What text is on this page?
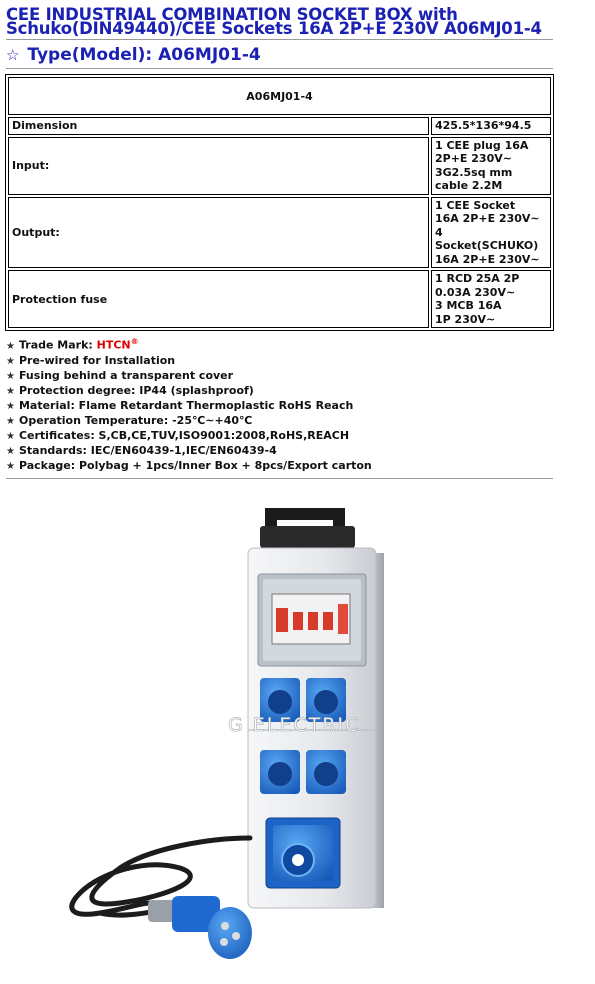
CEE INDUSTRIAL COMBINATION SOCKET BOX with Schuko(DIN49440)/CEE Sockets 16A 2P+E 230V A06MJ01-4
☆ Type(Model): A06MJ01-4
A06MJ01-4	
Dimension	425.5*136*94.5
Input:	1 CEE plug 16A
2P+E 230V~
3G2.5sq mm
cable 2.2M
Output:	1 CEE Socket
16A 2P+E 230V~
4
Socket(SCHUKO)
16A 2P+E 230V~
Protection fuse	1 RCD 25A 2P
0.03A 230V~
3 MCB 16A
1P 230V~
★ Trade Mark: HTCN®
★ Pre-wired for Installation
★ Fusing behind a transparent cover
★ Protection degree: IP44 (splashproof)
★ Material: Flame Retardant Thermoplastic RoHS Reach
★ Operation Temperature: -25℃~+40℃
★ Certificates: S,CB,CE,TUV,ISO9001:2008,RoHS,REACH
★ Standards: IEC/EN60439-1,IEC/EN60439-4
★ Package: Polybag + 1pcs/Inner Box + 8pcs/Export carton
G ELECTRIC
